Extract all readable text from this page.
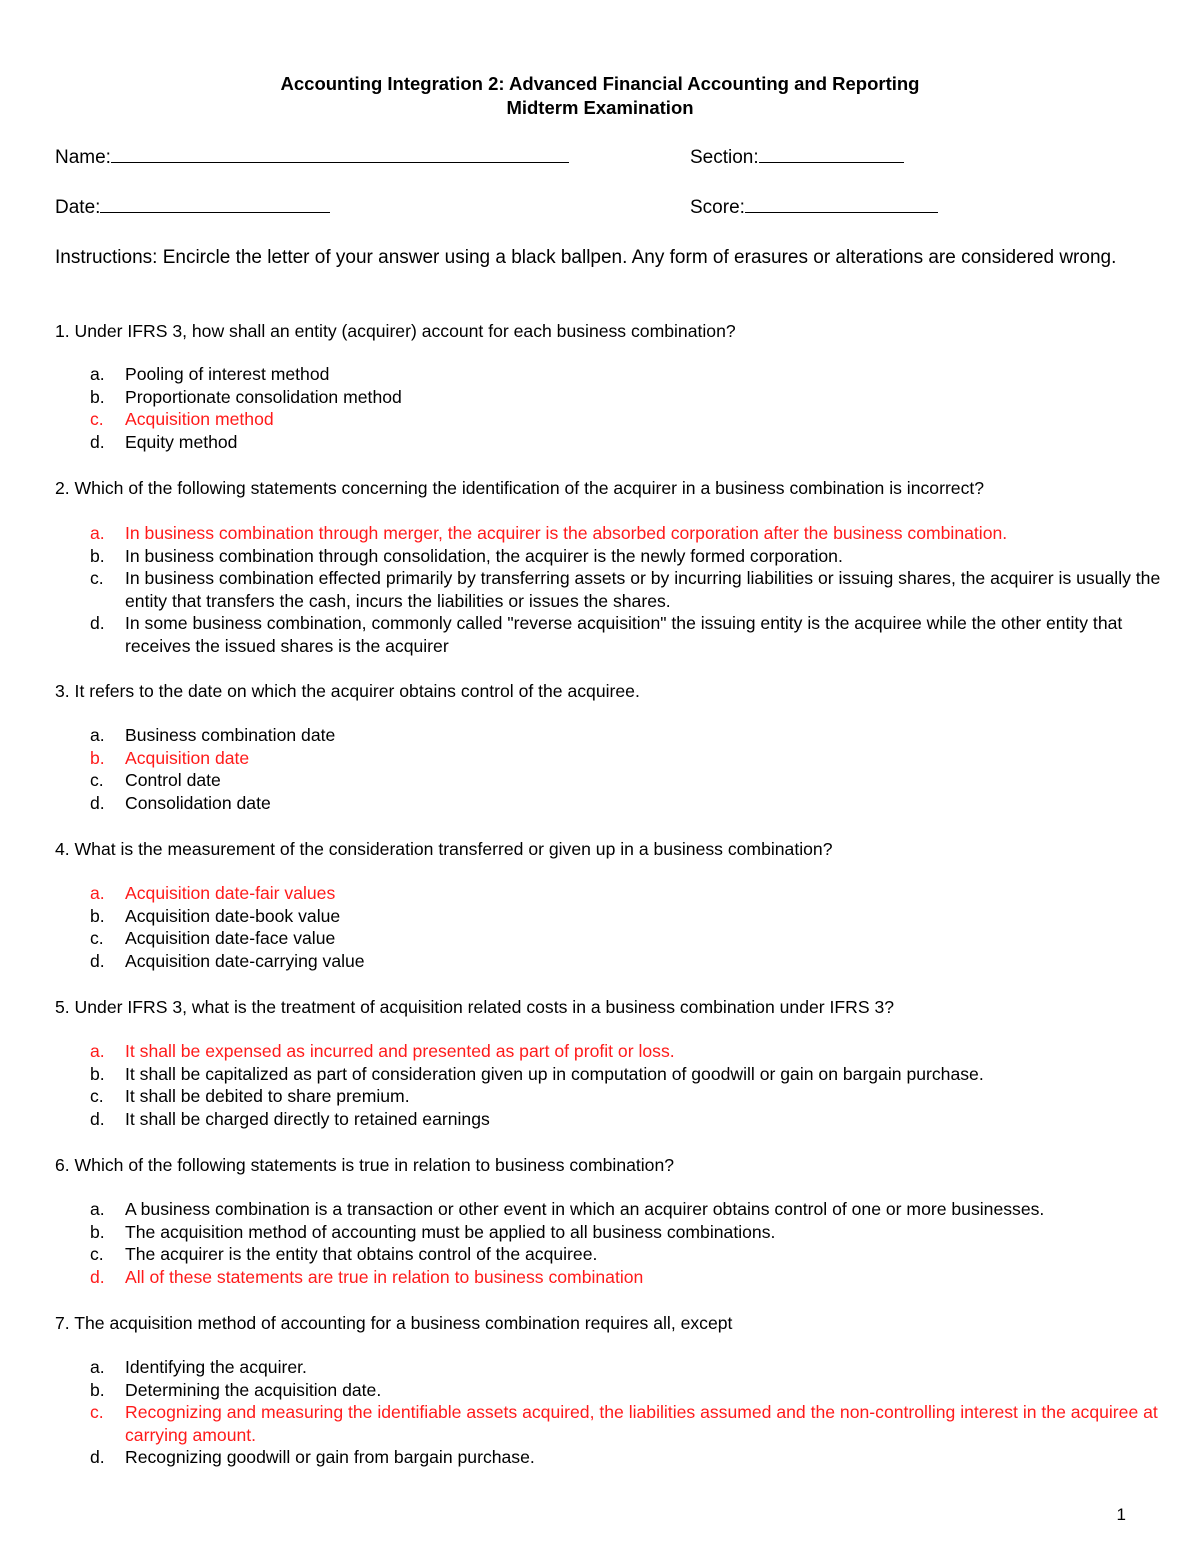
Accounting Integration 2: Advanced Financial Accounting and Reporting
Midterm Examination
Name:	Section:
Date:	Score:
Instructions: Encircle the letter of your answer using a black ballpen. Any form of erasures or alterations are considered wrong.
1. Under IFRS 3, how shall an entity (acquirer) account for each business combination?
a. Pooling of interest method
b. Proportionate consolidation method
c. Acquisition method
d. Equity method
2. Which of the following statements concerning the identification of the acquirer in a business combination is incorrect?
a. In business combination through merger, the acquirer is the absorbed corporation after the business combination.
b. In business combination through consolidation, the acquirer is the newly formed corporation.
c. In business combination effected primarily by transferring assets or by incurring liabilities or issuing shares, the acquirer is usually the entity that transfers the cash, incurs the liabilities or issues the shares.
d. In some business combination, commonly called "reverse acquisition" the issuing entity is the acquiree while the other entity that receives the issued shares is the acquirer
3. It refers to the date on which the acquirer obtains control of the acquiree.
a. Business combination date
b. Acquisition date
c. Control date
d. Consolidation date
4. What is the measurement of the consideration transferred or given up in a business combination?
a. Acquisition date-fair values
b. Acquisition date-book value
c. Acquisition date-face value
d. Acquisition date-carrying value
5. Under IFRS 3, what is the treatment of acquisition related costs in a business combination under IFRS 3?
a. It shall be expensed as incurred and presented as part of profit or loss.
b. It shall be capitalized as part of consideration given up in computation of goodwill or gain on bargain purchase.
c. It shall be debited to share premium.
d. It shall be charged directly to retained earnings
6. Which of the following statements is true in relation to business combination?
a. A business combination is a transaction or other event in which an acquirer obtains control of one or more businesses.
b. The acquisition method of accounting must be applied to all business combinations.
c. The acquirer is the entity that obtains control of the acquiree.
d. All of these statements are true in relation to business combination
7. The acquisition method of accounting for a business combination requires all, except
a. Identifying the acquirer.
b. Determining the acquisition date.
c. Recognizing and measuring the identifiable assets acquired, the liabilities assumed and the non-controlling interest in the acquiree at carrying amount.
d. Recognizing goodwill or gain from bargain purchase.
1
